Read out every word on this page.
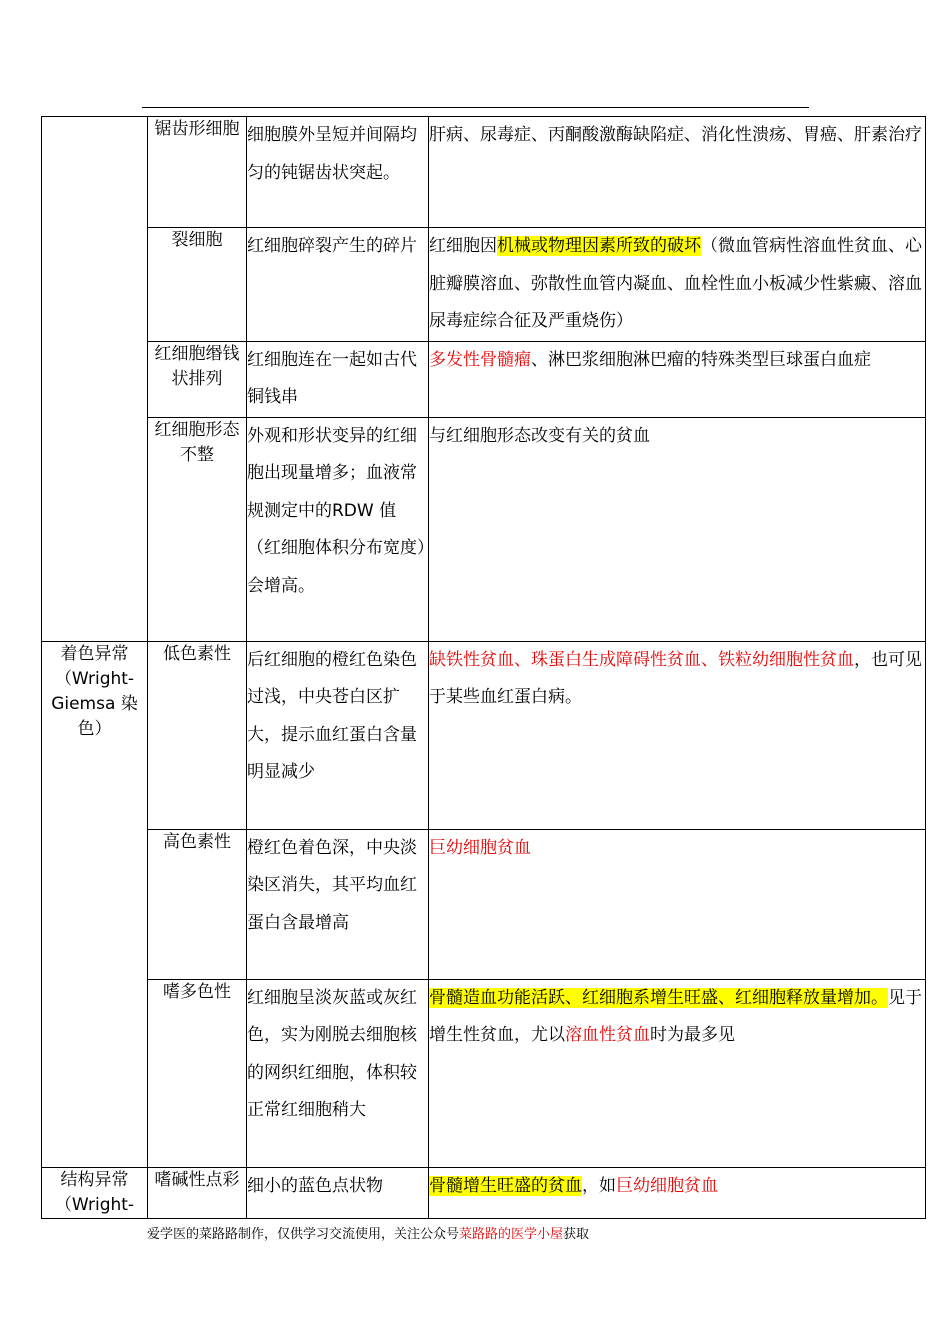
	锯齿形细胞	细胞膜外呈短并间隔均匀的钝锯齿状突起。	肝病、尿毒症、丙酮酸激酶缺陷症、消化性溃疡、胃癌、肝素治疗
	裂细胞	红细胞碎裂产生的碎片	红细胞因机械或物理因素所致的破坏（微血管病性溶血性贫血、心脏瓣膜溶血、弥散性血管内凝血、血栓性血小板减少性紫癜、溶血尿毒症综合征及严重烧伤）
	红细胞缗钱状排列	红细胞连在一起如古代铜钱串	多发性骨髓瘤、淋巴浆细胞淋巴瘤的特殊类型巨球蛋白血症
	红细胞形态不整	外观和形状变异的红细胞出现量增多；血液常规测定中的RDW 值（红细胞体积分布宽度）会增高。	与红细胞形态改变有关的贫血
着色异常（Wright-Giemsa 染色）	低色素性	后红细胞的橙红色染色过浅，中央苍白区扩大，提示血红蛋白含量明显减少	缺铁性贫血、珠蛋白生成障碍性贫血、铁粒幼细胞性贫血，也可见于某些血红蛋白病。
	高色素性	橙红色着色深，中央淡染区消失，其平均血红蛋白含最增高	巨幼细胞贫血
	嗜多色性	红细胞呈淡灰蓝或灰红色，实为刚脱去细胞核的网织红细胞，体积较正常红细胞稍大	骨髓造血功能活跃、红细胞系增生旺盛、红细胞释放量增加。见于增生性贫血，尤以溶血性贫血时为最多见
结构异常（Wright-	嗜碱性点彩	细小的蓝色点状物	骨髓增生旺盛的贫血，如巨幼细胞贫血
爱学医的菜路路制作，仅供学习交流使用，关注公众号菜路路的医学小屋获取
